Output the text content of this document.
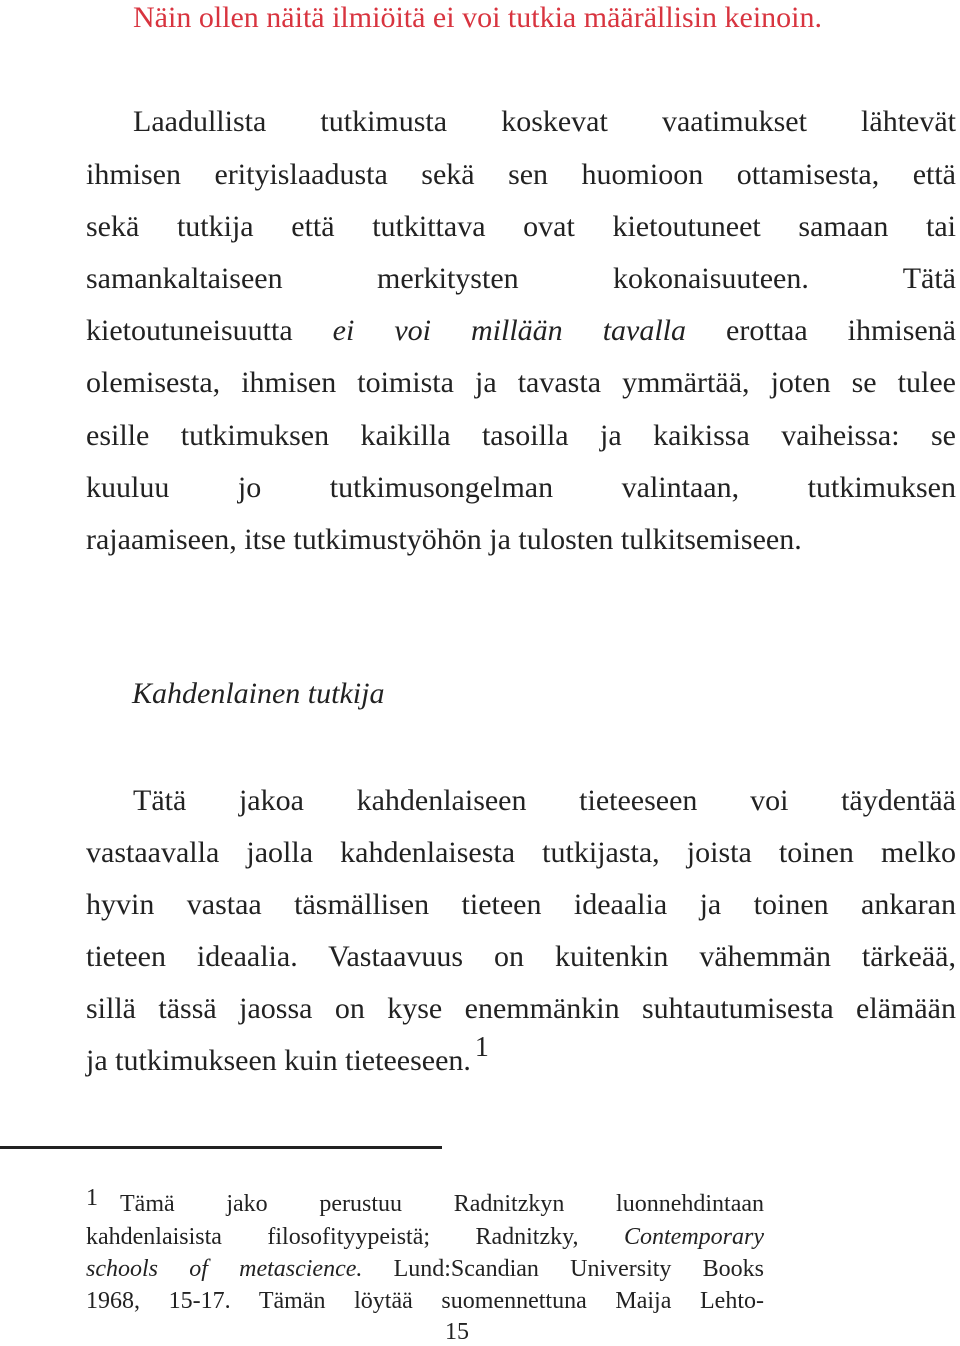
Näin ollen näitä ilmiöitä ei voi tutkia määrällisin keinoin.
Laadullista tutkimusta koskevat vaatimukset lähtevät
ihmisen erityislaadusta sekä sen huomioon ottamisesta, että
sekä tutkija että tutkittava ovat kietoutuneet samaan tai
samankaltaiseen merkitysten kokonaisuuteen. Tätä
kietoutuneisuutta ei voi millään tavalla erottaa ihmisenä
olemisesta, ihmisen toimista ja tavasta ymmärtää, joten se tulee
esille tutkimuksen kaikilla tasoilla ja kaikissa vaiheissa: se
kuuluu jo tutkimusongelman valintaan, tutkimuksen
rajaamiseen, itse tutkimustyöhön ja tulosten tulkitsemiseen.
Kahdenlainen tutkija
Tätä jakoa kahdenlaiseen tieteeseen voi täydentää
vastaavalla jaolla kahdenlaisesta tutkijasta, joista toinen melko
hyvin vastaa täsmällisen tieteen ideaalia ja toinen ankaran
tieteen ideaalia. Vastaavuus on kuitenkin vähemmän tärkeää,
sillä tässä jaossa on kyse enemmänkin suhtautumisesta elämään
ja tutkimukseen kuin tieteeseen. 1
1 Tämä jako perustuu Radnitzkyn luonnehdintaan
kahdenlaisista filosofityypeistä; Radnitzky, Contemporary
schools of metascience. Lund:Scandian University Books
1968, 15-17. Tämän löytää suomennettuna Maija Lehto-
15
